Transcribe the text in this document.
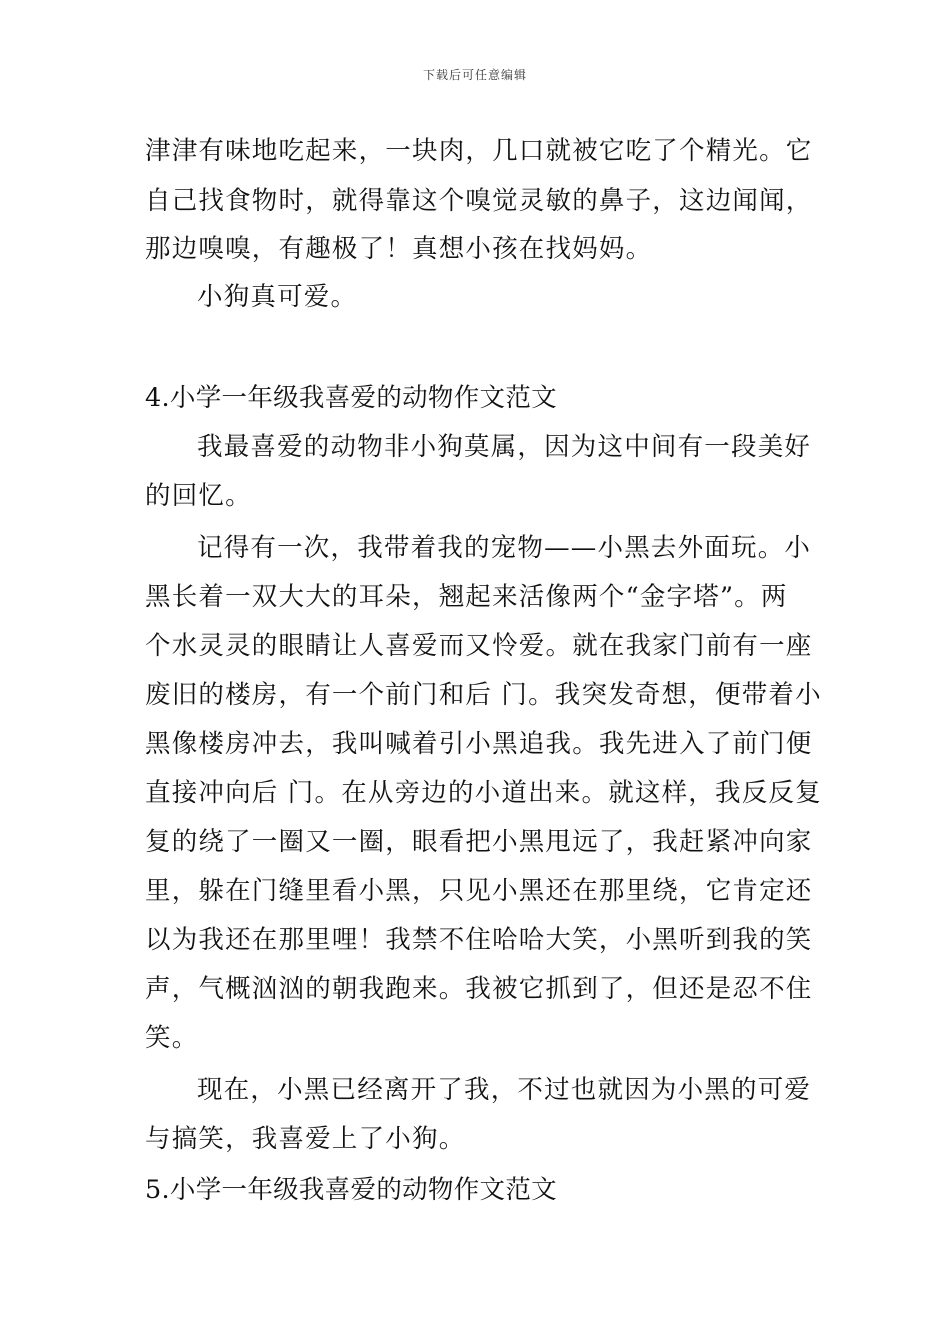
下载后可任意编辑
津津有味地吃起来，一块肉，几口就被它吃了个精光。它
自己找食物时，就得靠这个嗅觉灵敏的鼻子，这边闻闻，
那边嗅嗅，有趣极了！真想小孩在找妈妈。
小狗真可爱。
4.小学一年级我喜爱的动物作文范文
我最喜爱的动物非小狗莫属，因为这中间有一段美好
的回忆。
记得有一次，我带着我的宠物——小黑去外面玩。小
黑长着一双大大的耳朵，翘起来活像两个“金字塔”。两
个水灵灵的眼睛让人喜爱而又怜爱。就在我家门前有一座
废旧的楼房，有一个前门和后 门。我突发奇想，便带着小
黑像楼房冲去，我叫喊着引小黑追我。我先进入了前门便
直接冲向后 门。在从旁边的小道出来。就这样，我反反复
复的绕了一圈又一圈，眼看把小黑甩远了，我赶紧冲向家
里，躲在门缝里看小黑，只见小黑还在那里绕，它肯定还
以为我还在那里哩！我禁不住哈哈大笑，小黑听到我的笑
声，气概汹汹的朝我跑来。我被它抓到了，但还是忍不住
笑。
现在，小黑已经离开了我，不过也就因为小黑的可爱
与搞笑，我喜爱上了小狗。
5.小学一年级我喜爱的动物作文范文
